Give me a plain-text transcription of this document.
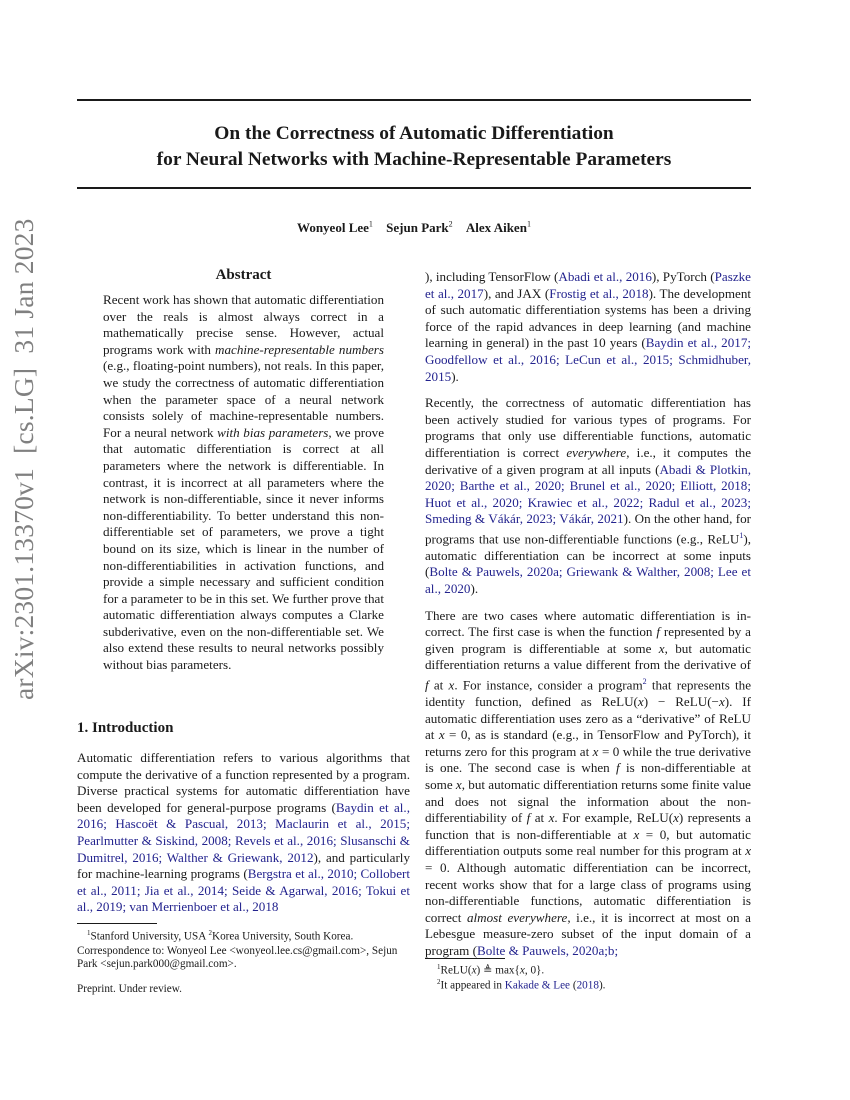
On the Correctness of Automatic Differentiation
for Neural Networks with Machine-Representable Parameters
Wonyeol Lee$^1$ Sejun Park$^2$ Alex Aiken$^1$
arXiv:2301.13370v1  [cs.LG]  31 Jan 2023	Abstract
Recent work has shown that automatic differentiation over the reals is almost always correct in a mathematically precise sense. However, actual programs work with machine-representable numbers (e.g., floating-point numbers), not reals. In this paper, we study the correctness of automatic differentiation when the parameter space of a neural network consists solely of machine-representable numbers. For a neural network with bias parameters, we prove that automatic differentiation is correct at all parameters where the network is differentiable. In contrast, it is incorrect at all parameters where the network is non-differentiable, since it never informs non-differentiability. To better understand this non-differentiable set of parameters, we prove a tight bound on its size, which is linear in the number of non-differentiabilities in activation functions, and provide a simple necessary and sufficient condition for a parameter to be in this set. We further prove that automatic differentiation always computes a Clarke subderivative, even on the non-differentiable set. We also extend these results to neural networks possibly without bias parameters.
1. Introduction

Automatic differentiation refers to various algorithms that compute the derivative of a function represented by a program. Diverse practical systems for automatic differentiation have been developed for general-purpose programs (Baydin et al., 2016; Hascoët & Pascual, 2013; Maclaurin et al., 2015; Pearlmutter & Siskind, 2008; Revels et al., 2016; Slusanschi & Dumitrel, 2016; Walther & Griewank, 2012), and particularly for machine-learning programs (Bergstra et al., 2010; Collobert et al., 2011; Jia et al., 2014; Seide & Agarwal, 2016; Tokui et al., 2019; van Merrienboer et al., 2018

$^1$Stanford University, USA $^2$Korea University, South Korea.
Correspondence to: Wonyeol Lee <wonyeol.lee.cs@gmail.com>, Sejun Park <sejun.park000@gmail.com>.
Preprint. Under review.

), including TensorFlow (Abadi et al., 2016), PyTorch (Paszke et al., 2017), and JAX (Frostig et al., 2018). The development of such automatic differentiation systems has been a driving force of the rapid advances in deep learning (and machine learning in general) in the past 10 years (Baydin et al., 2017; Goodfellow et al., 2016; LeCun et al., 2015; Schmidhuber, 2015).

Recently, the correctness of automatic differentiation has been actively studied for various types of programs. For programs that only use differentiable functions, automatic differentiation is correct everywhere, i.e., it computes the derivative of a given program at all inputs (Abadi & Plotkin, 2020; Barthe et al., 2020; Brunel et al., 2020; Elliott, 2018; Huot et al., 2020; Krawiec et al., 2022; Radul et al., 2023; Smeding & Vákár, 2023; Vákár, 2021). On the other hand, for programs that use non-differentiable functions (e.g., ReLU$^1$), automatic differentiation can be incorrect at some inputs (Bolte & Pauwels, 2020a; Griewank & Walther, 2008; Lee et al., 2020).

There are two cases where automatic differentiation is incorrect. The first case is when the function f represented by a given program is differentiable at some x, but automatic differentiation returns a value different from the derivative of f at x. For instance, consider a program$^2$ that represents the identity function, defined as ReLU(x) − ReLU(−x). If automatic differentiation uses zero as a “derivative” of ReLU at x = 0, as is standard (e.g., in TensorFlow and PyTorch), it returns zero for this program at x = 0 while the true derivative is one. The second case is when f is non-differentiable at some x, but automatic differentiation returns some finite value and does not signal the information about the non-differentiability of f at x. For example, ReLU(x) represents a function that is non-differentiable at x = 0, but automatic differentiation outputs some real number for this program at x = 0. Although automatic differentiation can be incorrect, recent works show that for a large class of programs using non-differentiable functions, automatic differentiation is correct almost everywhere, i.e., it is incorrect at most on a Lebesgue measure-zero subset of the input domain of a program (Bolte & Pauwels, 2020a;b;

$^1$ReLU(x) ≜ max{x, 0}.
$^2$It appeared in Kakade & Lee (2018).
